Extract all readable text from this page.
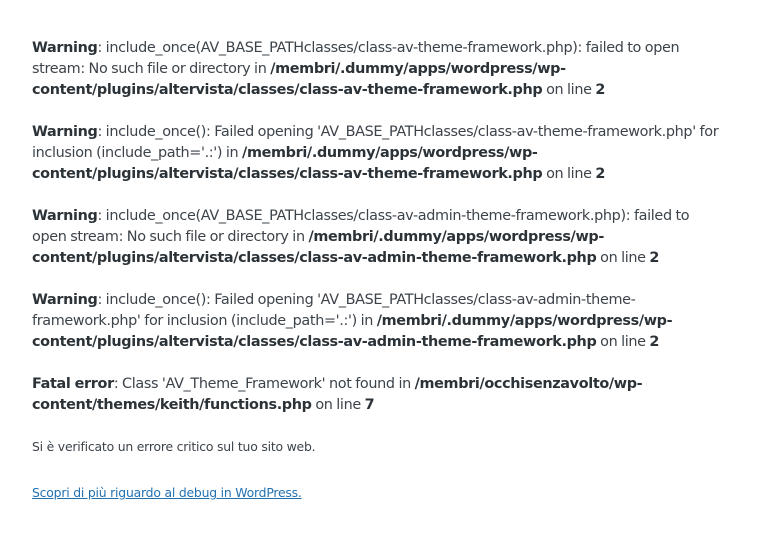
Warning: include_once(AV_BASE_PATHclasses/class-av-theme-framework.php): failed to open stream: No such file or directory in /membri/.dummy/apps/wordpress/wp-content/plugins/altervista/classes/class-av-theme-framework.php on line 2

Warning: include_once(): Failed opening 'AV_BASE_PATHclasses/class-av-theme-framework.php' for inclusion (include_path='.:') in /membri/.dummy/apps/wordpress/wp-content/plugins/altervista/classes/class-av-theme-framework.php on line 2

Warning: include_once(AV_BASE_PATHclasses/class-av-admin-theme-framework.php): failed to open stream: No such file or directory in /membri/.dummy/apps/wordpress/wp-content/plugins/altervista/classes/class-av-admin-theme-framework.php on line 2

Warning: include_once(): Failed opening 'AV_BASE_PATHclasses/class-av-admin-theme-framework.php' for inclusion (include_path='.:') in /membri/.dummy/apps/wordpress/wp-content/plugins/altervista/classes/class-av-admin-theme-framework.php on line 2

Fatal error: Class 'AV_Theme_Framework' not found in /membri/occhisenzavolto/wp-content/themes/keith/functions.php on line 7

Si è verificato un errore critico sul tuo sito web.

Scopri di più riguardo al debug in WordPress.
